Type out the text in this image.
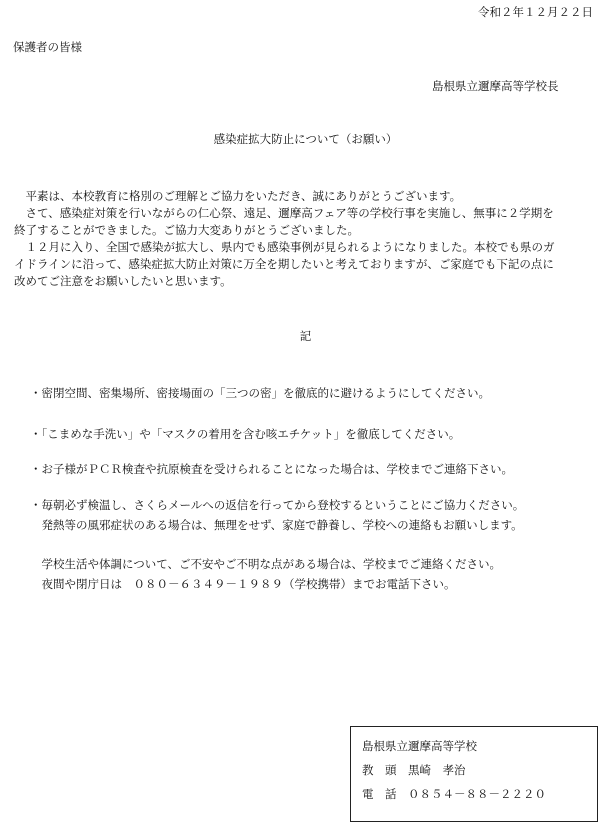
令和２年１２月２２日
保護者の皆様
島根県立邇摩高等学校長
感染症拡大防止について（お願い）

　平素は、本校教育に格別のご理解とご協力をいただき、誠にありがとうございます。

　さて、感染症対策を行いながらの仁心祭、遠足、邇摩高フェア等の学校行事を実施し、無事に２学期を

終了することができました。ご協力大変ありがとうございました。

　１２月に入り、全国で感染が拡大し、県内でも感染事例が見られるようになりました。本校でも県のガ

イドラインに沿って、感染症拡大防止対策に万全を期したいと考えておりますが、ご家庭でも下記の点に

改めてご注意をお願いしたいと思います。

記
・密閉空間、密集場所、密接場面の「三つの密」を徹底的に避けるようにしてください。
・「こまめな手洗い」や「マスクの着用を含む咳エチケット」を徹底してください。
・お子様がＰＣＲ検査や抗原検査を受けられることになった場合は、学校までご連絡下さい。
・毎朝必ず検温し、さくらメールへの返信を行ってから登校するということにご協力ください。
　発熱等の風邪症状のある場合は、無理をせず、家庭で静養し、学校への連絡もお願いします。
　学校生活や体調について、ご不安やご不明な点がある場合は、学校までご連絡ください。
　夜間や閉庁日は　０８０－６３４９－１９８９（学校携帯）までお電話下さい。
島根県立邇摩高等学校
教　頭　黒崎　孝治
電　話　０８５４－８８－２２２０
